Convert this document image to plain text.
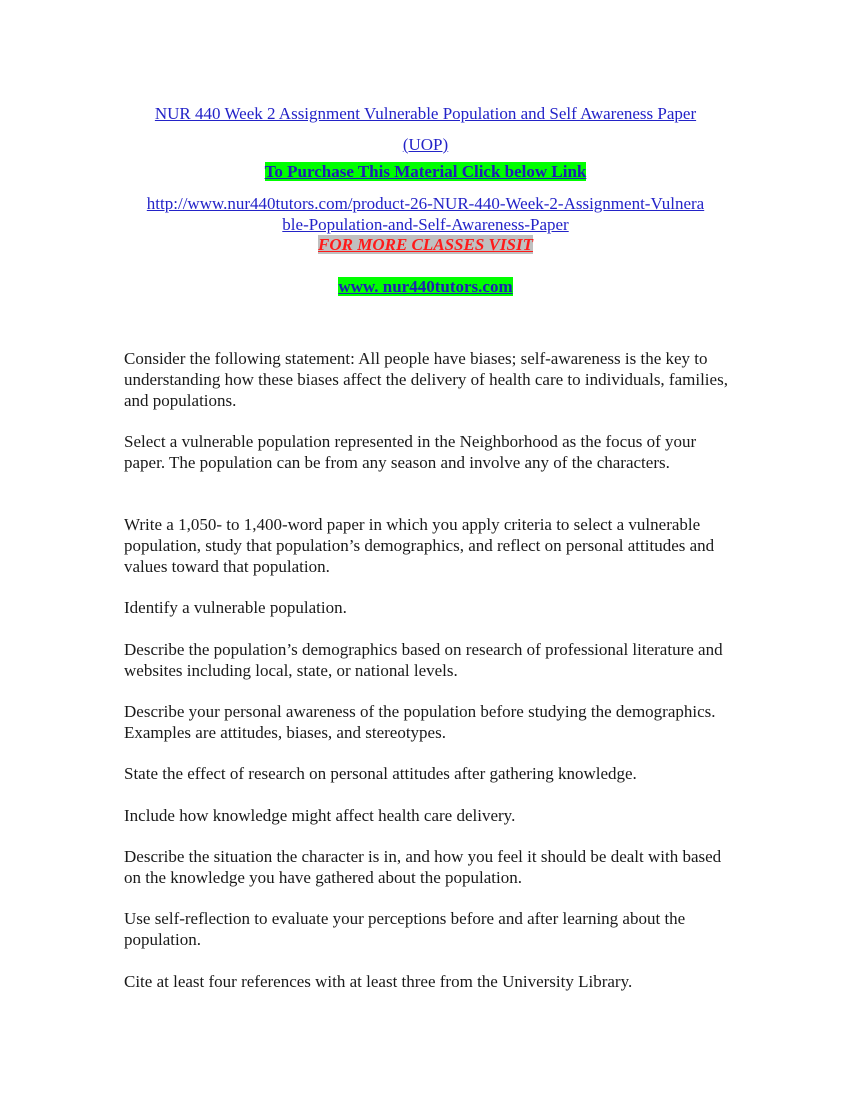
NUR 440 Week 2 Assignment Vulnerable Population and Self Awareness Paper
(UOP)
To Purchase This Material Click below Link
http://www.nur440tutors.com/product-26-NUR-440-Week-2-Assignment-Vulnera
ble-Population-and-Self-Awareness-Paper
FOR MORE CLASSES VISIT
www. nur440tutors.com

Consider the following statement: All people have biases; self-awareness is the key to understanding how these biases affect the delivery of health care to individuals, families, and populations.

Select a vulnerable population represented in the Neighborhood as the focus of your paper. The population can be from any season and involve any of the characters.

Write a 1,050- to 1,400-word paper in which you apply criteria to select a vulnerable population, study that population’s demographics, and reflect on personal attitudes and values toward that population.

Identify a vulnerable population.

Describe the population’s demographics based on research of professional literature and websites including local, state, or national levels.

Describe your personal awareness of the population before studying the demographics. Examples are attitudes, biases, and stereotypes.

State the effect of research on personal attitudes after gathering knowledge.

Include how knowledge might affect health care delivery.

Describe the situation the character is in, and how you feel it should be dealt with based on the knowledge you have gathered about the population.

Use self-reflection to evaluate your perceptions before and after learning about the population.

Cite at least four references with at least three from the University Library.
